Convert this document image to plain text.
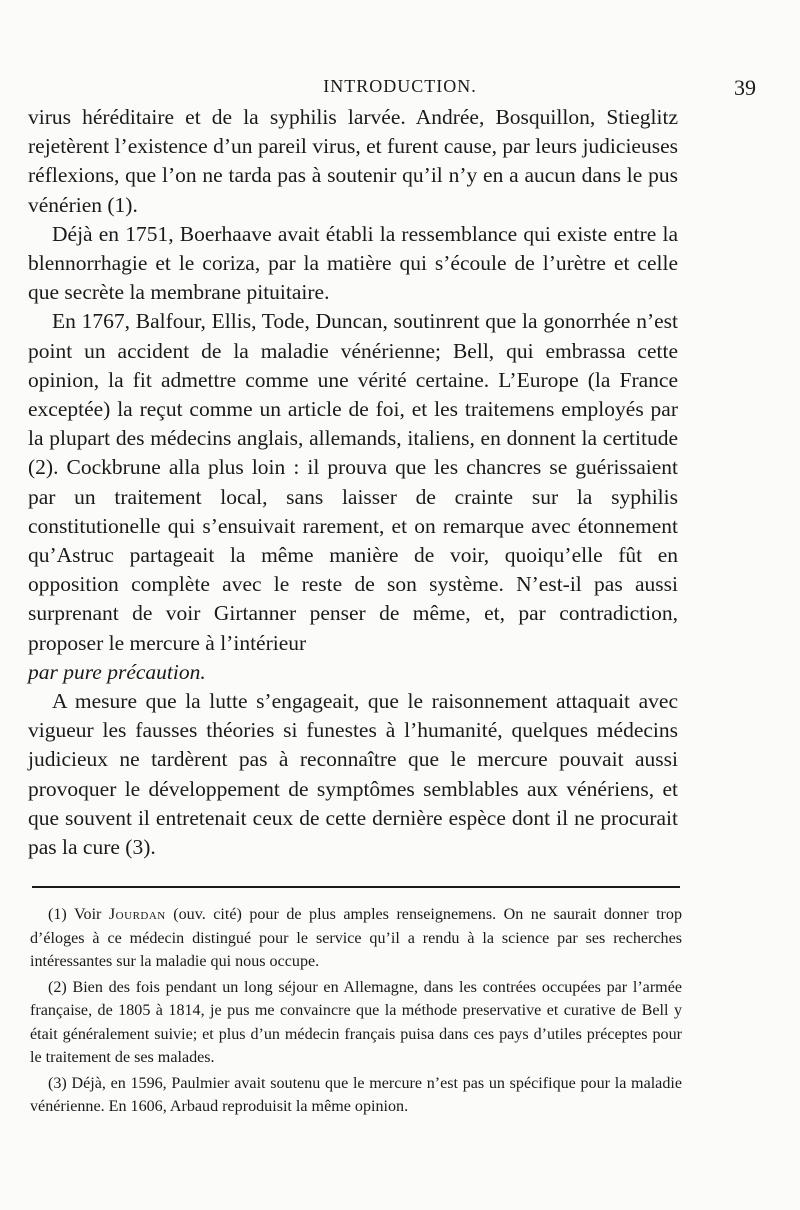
INTRODUCTION.	39

virus héréditaire et de la syphilis larvée. Andrée, Bosquillon, Stieglitz rejetèrent l’existence d’un pareil virus, et furent cause, par leurs judicieuses réflexions, que l’on ne tarda pas à soutenir qu’il n’y en a aucun dans le pus vénérien (1).

Déjà en 1751, Boerhaave avait établi la ressemblance qui existe entre la blennorrhagie et le coriza, par la matière qui s’écoule de l’urètre et celle que secrète la membrane pituitaire.

En 1767, Balfour, Ellis, Tode, Duncan, soutinrent que la gonorrhée n’est point un accident de la maladie vénérienne; Bell, qui embrassa cette opinion, la fit admettre comme une vérité certaine. L’Europe (la France exceptée) la reçut comme un article de foi, et les traitemens employés par la plupart des médecins anglais, allemands, italiens, en donnent la certitude (2). Cockbrune alla plus loin : il prouva que les chancres se guérissaient par un traitement local, sans laisser de crainte sur la syphilis constitutionelle qui s’ensuivait rarement, et on remarque avec étonnement qu’Astruc partageait la même manière de voir, quoiqu’elle fût en opposition complète avec le reste de son système. N’est-il pas aussi surprenant de voir Girtanner penser de même, et, par contradiction, proposer le mercure à l’intérieur

par pure précaution.

A mesure que la lutte s’engageait, que le raisonnement attaquait avec vigueur les fausses théories si funestes à l’humanité, quelques médecins judicieux ne tardèrent pas à reconnaître que le mercure pouvait aussi provoquer le développement de symptômes semblables aux vénériens, et que souvent il entretenait ceux de cette dernière espèce dont il ne procurait pas la cure (3).

(1) Voir Jourdan (ouv. cité) pour de plus amples renseignemens. On ne saurait donner trop d’éloges à ce médecin distingué pour le service qu’il a rendu à la science par ses recherches intéressantes sur la maladie qui nous occupe.

(2) Bien des fois pendant un long séjour en Allemagne, dans les contrées occupées par l’armée française, de 1805 à 1814, je pus me convaincre que la méthode preservative et curative de Bell y était généralement suivie; et plus d’un médecin français puisa dans ces pays d’utiles préceptes pour le traitement de ses malades.

(3) Déjà, en 1596, Paulmier avait soutenu que le mercure n’est pas un spécifique pour la maladie vénérienne. En 1606, Arbaud reproduisit la même opinion.
